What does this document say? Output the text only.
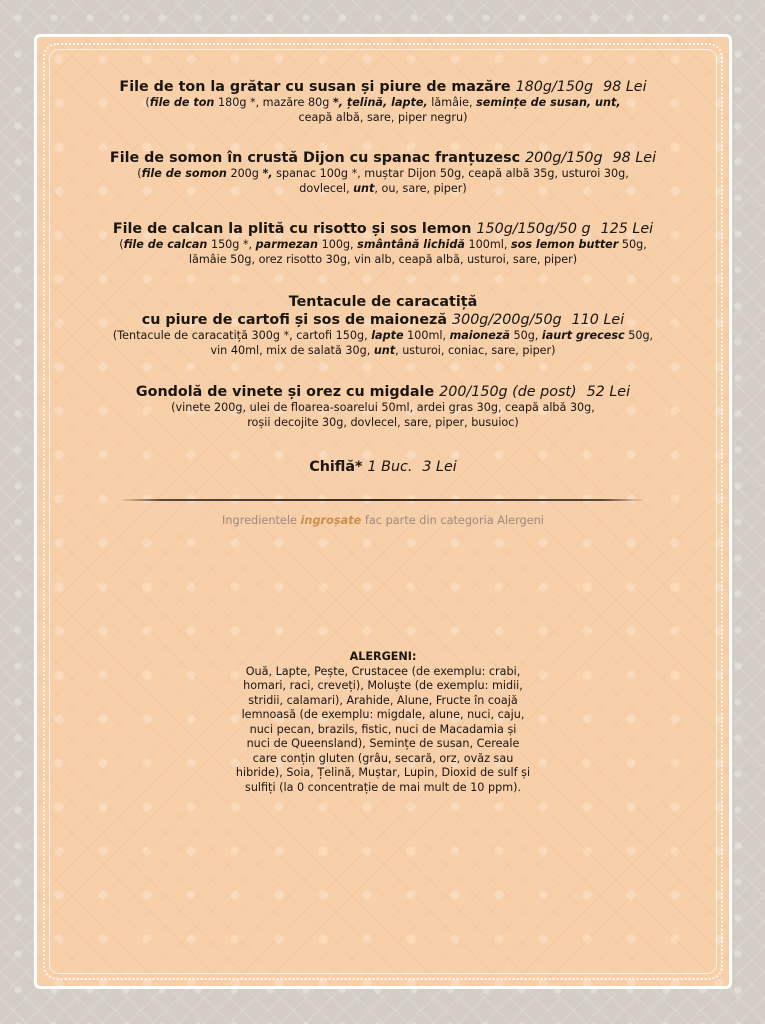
File de ton la grătar cu susan și piure de mazăre 180g/150g 98 Lei

(file de ton 180g *, mazăre 80g *, țelină, lapte, lămâie, semințe de susan, unt,
ceapă albă, sare, piper negru)

File de somon în crustă Dijon cu spanac franțuzesc 200g/150g 98 Lei

(file de somon 200g *, spanac 100g *, muștar Dijon 50g, ceapă albă 35g, usturoi 30g,
dovlecel, unt, ou, sare, piper)

File de calcan la plită cu risotto și sos lemon 150g/150g/50 g 125 Lei

(file de calcan 150g *, parmezan 100g, smântână lichidă 100ml, sos lemon butter 50g,
lămâie 50g, orez risotto 30g, vin alb, ceapă albă, usturoi, sare, piper)

Tentacule de caracatiță

cu piure de cartofi și sos de maioneză 300g/200g/50g 110 Lei

(Tentacule de caracatiță 300g *, cartofi 150g, lapte 100ml, maioneză 50g, iaurt grecesc 50g,
vin 40ml, mix de salată 30g, unt, usturoi, coniac, sare, piper)

Gondolă de vinete și orez cu migdale 200/150g (de post) 52 Lei

(vinete 200g, ulei de floarea-soarelui 50ml, ardei gras 30g, ceapă albă 30g,
roșii decojite 30g, dovlecel, sare, piper, busuioc)

Chiflă* 1 Buc. 3 Lei

Ingredientele ingroșate fac parte din categoria Alergeni

ALERGENI:

Ouă, Lapte, Pește, Crustacee (de exemplu: crabi,
homari, raci, creveți), Moluște (de exemplu: midii,
stridii, calamari), Arahide, Alune, Fructe în coajă
lemnoasă (de exemplu: migdale, alune, nuci, caju,
nuci pecan, brazils, fistic, nuci de Macadamia și
nuci de Queensland), Semințe de susan, Cereale
care conțin gluten (grâu, secară, orz, ovăz sau
hibride), Soia, Țelină, Muștar, Lupin, Dioxid de sulf și
sulfiți (la 0 concentrație de mai mult de 10 ppm).
